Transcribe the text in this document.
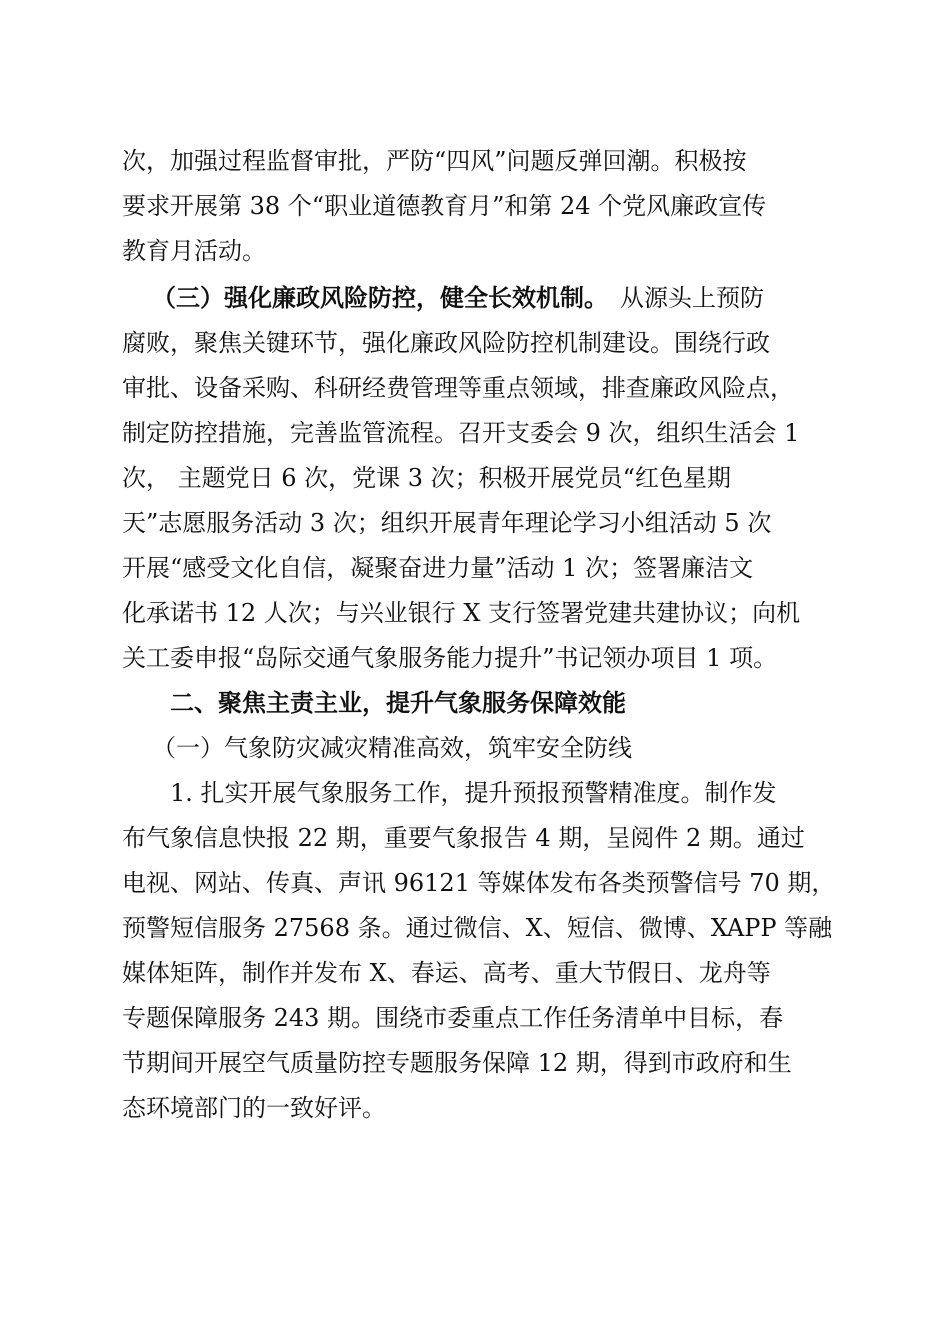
次，加强过程监督审批，严防“四风”问题反弹回潮。积极按
要求开展第 38 个“职业道德教育月”和第 24 个党风廉政宣传
教育月活动。
（三）强化廉政风险防控，健全长效机制。 从源头上预防
腐败，聚焦关键环节，强化廉政风险防控机制建设。围绕行政
审批、设备采购、科研经费管理等重点领域，排查廉政风险点，
制定防控措施，完善监管流程。召开支委会 9 次，组织生活会 1
次， 主题党日 6 次，党课 3 次；积极开展党员“红色星期
天”志愿服务活动 3 次；组织开展青年理论学习小组活动 5 次
开展“感受文化自信，凝聚奋进力量”活动 1 次；签署廉洁文
化承诺书 12 人次；与兴业银行 X 支行签署党建共建协议；向机
关工委申报“岛际交通气象服务能力提升”书记领办项目 1 项。
二、聚焦主责主业，提升气象服务保障效能
（一）气象防灾减灾精准高效，筑牢安全防线
1. 扎实开展气象服务工作，提升预报预警精准度。制作发
布气象信息快报 22 期，重要气象报告 4 期，呈阅件 2 期。通过
电视、网站、传真、声讯 96121 等媒体发布各类预警信号 70 期，
预警短信服务 27568 条。通过微信、X、短信、微博、XAPP 等融
媒体矩阵，制作并发布 X、春运、高考、重大节假日、龙舟等
专题保障服务 243 期。围绕市委重点工作任务清单中目标，春
节期间开展空气质量防控专题服务保障 12 期，得到市政府和生
态环境部门的一致好评。
